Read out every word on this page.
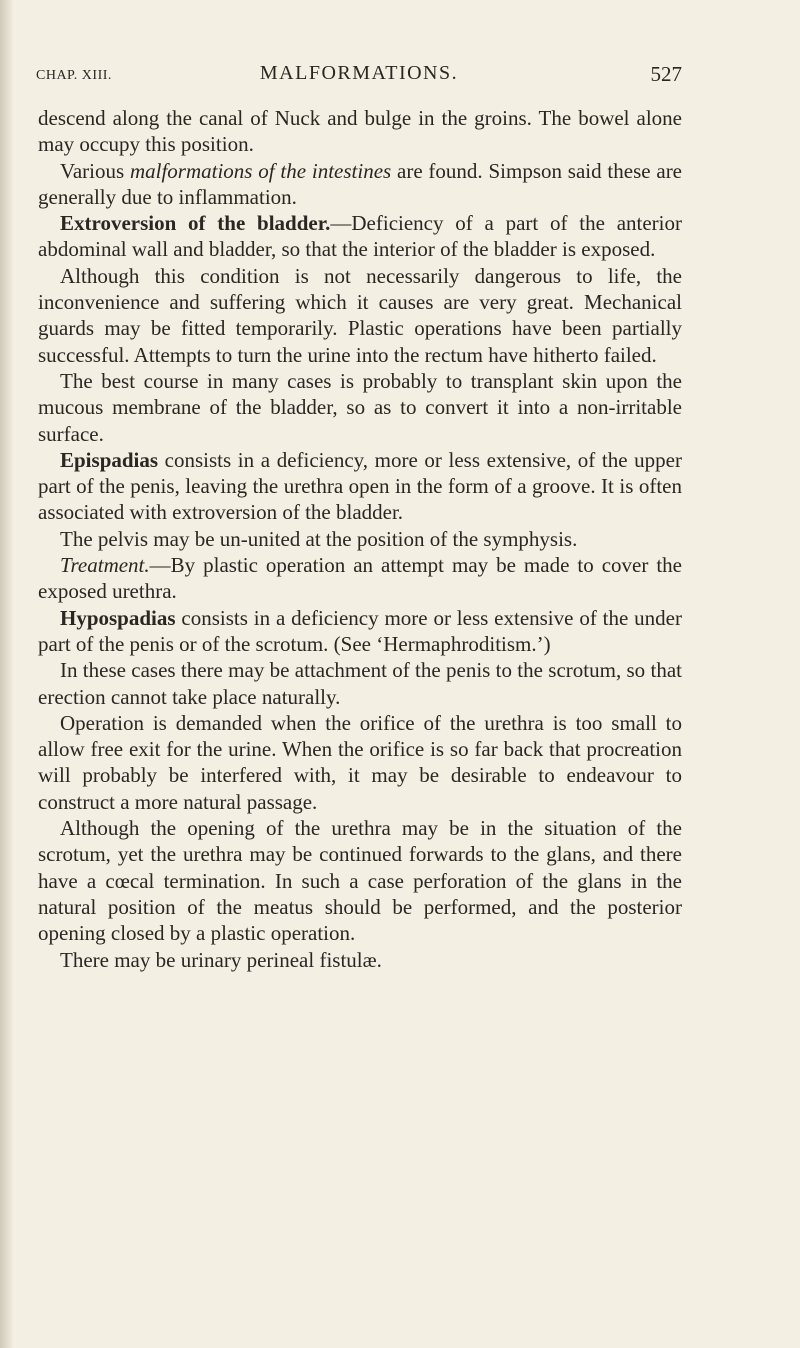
CHAP. XIII.	MALFORMATIONS.	527

descend along the canal of Nuck and bulge in the groins. The bowel alone may occupy this position.

Various malformations of the intestines are found. Simpson said these are generally due to inflammation.

Extroversion of the bladder.—Deficiency of a part of the anterior abdominal wall and bladder, so that the interior of the bladder is exposed.

Although this condition is not necessarily dangerous to life, the inconvenience and suffering which it causes are very great. Mechanical guards may be fitted temporarily. Plastic operations have been partially successful. Attempts to turn the urine into the rectum have hitherto failed.

The best course in many cases is probably to transplant skin upon the mucous membrane of the bladder, so as to convert it into a non-irritable surface.

Epispadias consists in a deficiency, more or less extensive, of the upper part of the penis, leaving the urethra open in the form of a groove. It is often associated with extroversion of the bladder.

The pelvis may be un-united at the position of the symphysis.

Treatment.—By plastic operation an attempt may be made to cover the exposed urethra.

Hypospadias consists in a deficiency more or less extensive of the under part of the penis or of the scrotum. (See ‘Hermaphroditism.’)

In these cases there may be attachment of the penis to the scrotum, so that erection cannot take place naturally.

Operation is demanded when the orifice of the urethra is too small to allow free exit for the urine. When the orifice is so far back that procreation will probably be interfered with, it may be desirable to endeavour to construct a more natural passage.

Although the opening of the urethra may be in the situation of the scrotum, yet the urethra may be continued forwards to the glans, and there have a cœcal termination. In such a case perforation of the glans in the natural position of the meatus should be performed, and the posterior opening closed by a plastic operation.

There may be urinary perineal fistulæ.
